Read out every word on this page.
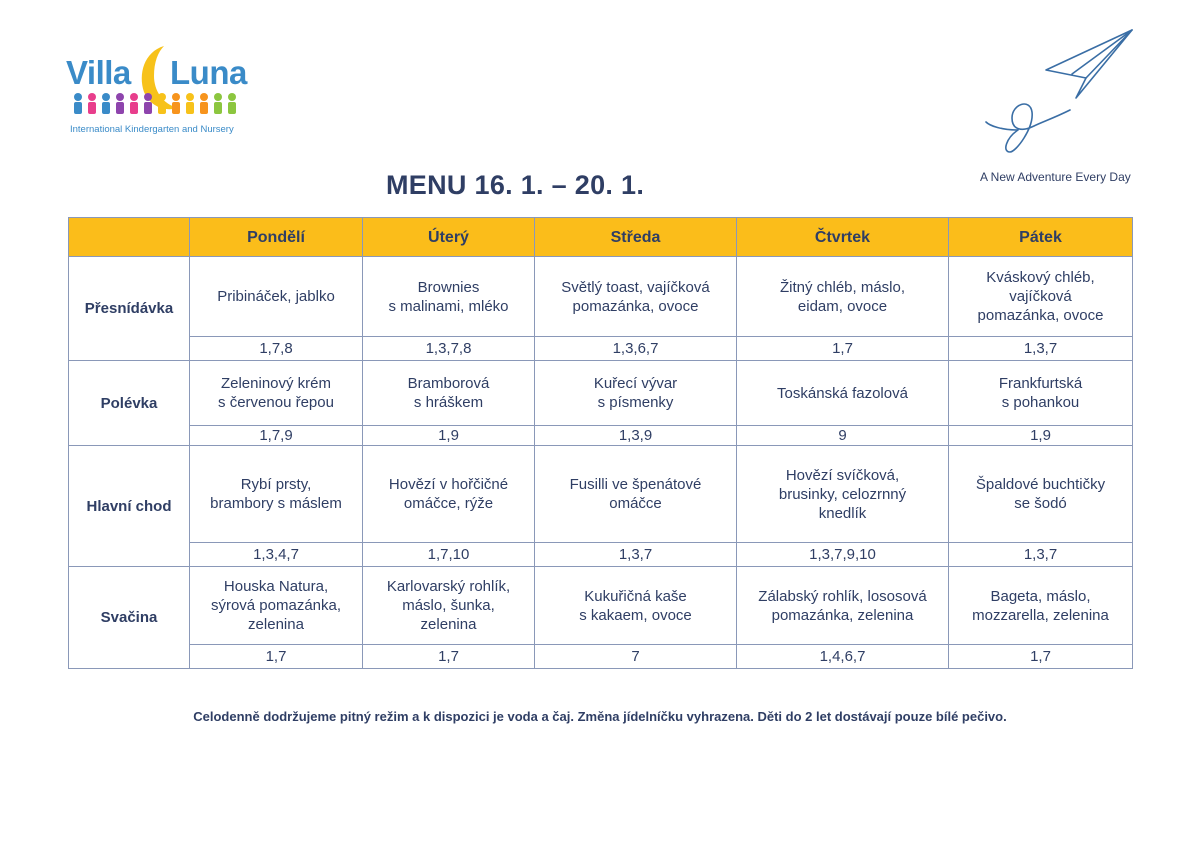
Villa Luna
International Kindergarten and Nursery
A New Adventure Every Day
MENU 16. 1. – 20. 1.
	Pondělí	Úterý	Středa	Čtvrtek	Pátek
Přesnídávka	Pribináček, jablko	Brownies
s malinami, mléko	Světlý toast, vajíčková
pomazánka, ovoce	Žitný chléb, máslo,
eidam, ovoce	Kváskový chléb,
vajíčková
pomazánka, ovoce

	1,7,8	1,3,7,8	1,3,6,7	1,7	1,3,7
Polévka	Zeleninový krém
s červenou řepou	Bramborová
s hráškem	Kuřecí vývar
s písmenky	Toskánská fazolová	Frankfurtská
s pohankou

	1,7,9	1,9	1,3,9	9	1,9
Hlavní chod	Rybí prsty,
brambory s máslem	Hovězí v hořčičné
omáčce, rýže	Fusilli ve špenátové
omáčce	Hovězí svíčková,
brusinky, celozrnný
knedlík	Špaldové buchtičky
se šodó

	1,3,4,7	1,7,10	1,3,7	1,3,7,9,10	1,3,7
Svačina	Houska Natura,
sýrová pomazánka,
zelenina	Karlovarský rohlík,
máslo, šunka,
zelenina	Kukuřičná kaše
s kakaem, ovoce	Zálabský rohlík, lososová
pomazánka, zelenina	Bageta, máslo,
mozzarella, zelenina

	1,7	1,7	7	1,4,6,7	1,7
Celodenně dodržujeme pitný režim a k dispozici je voda a čaj. Změna jídelníčku vyhrazena. Děti do 2 let dostávají pouze bílé pečivo.
